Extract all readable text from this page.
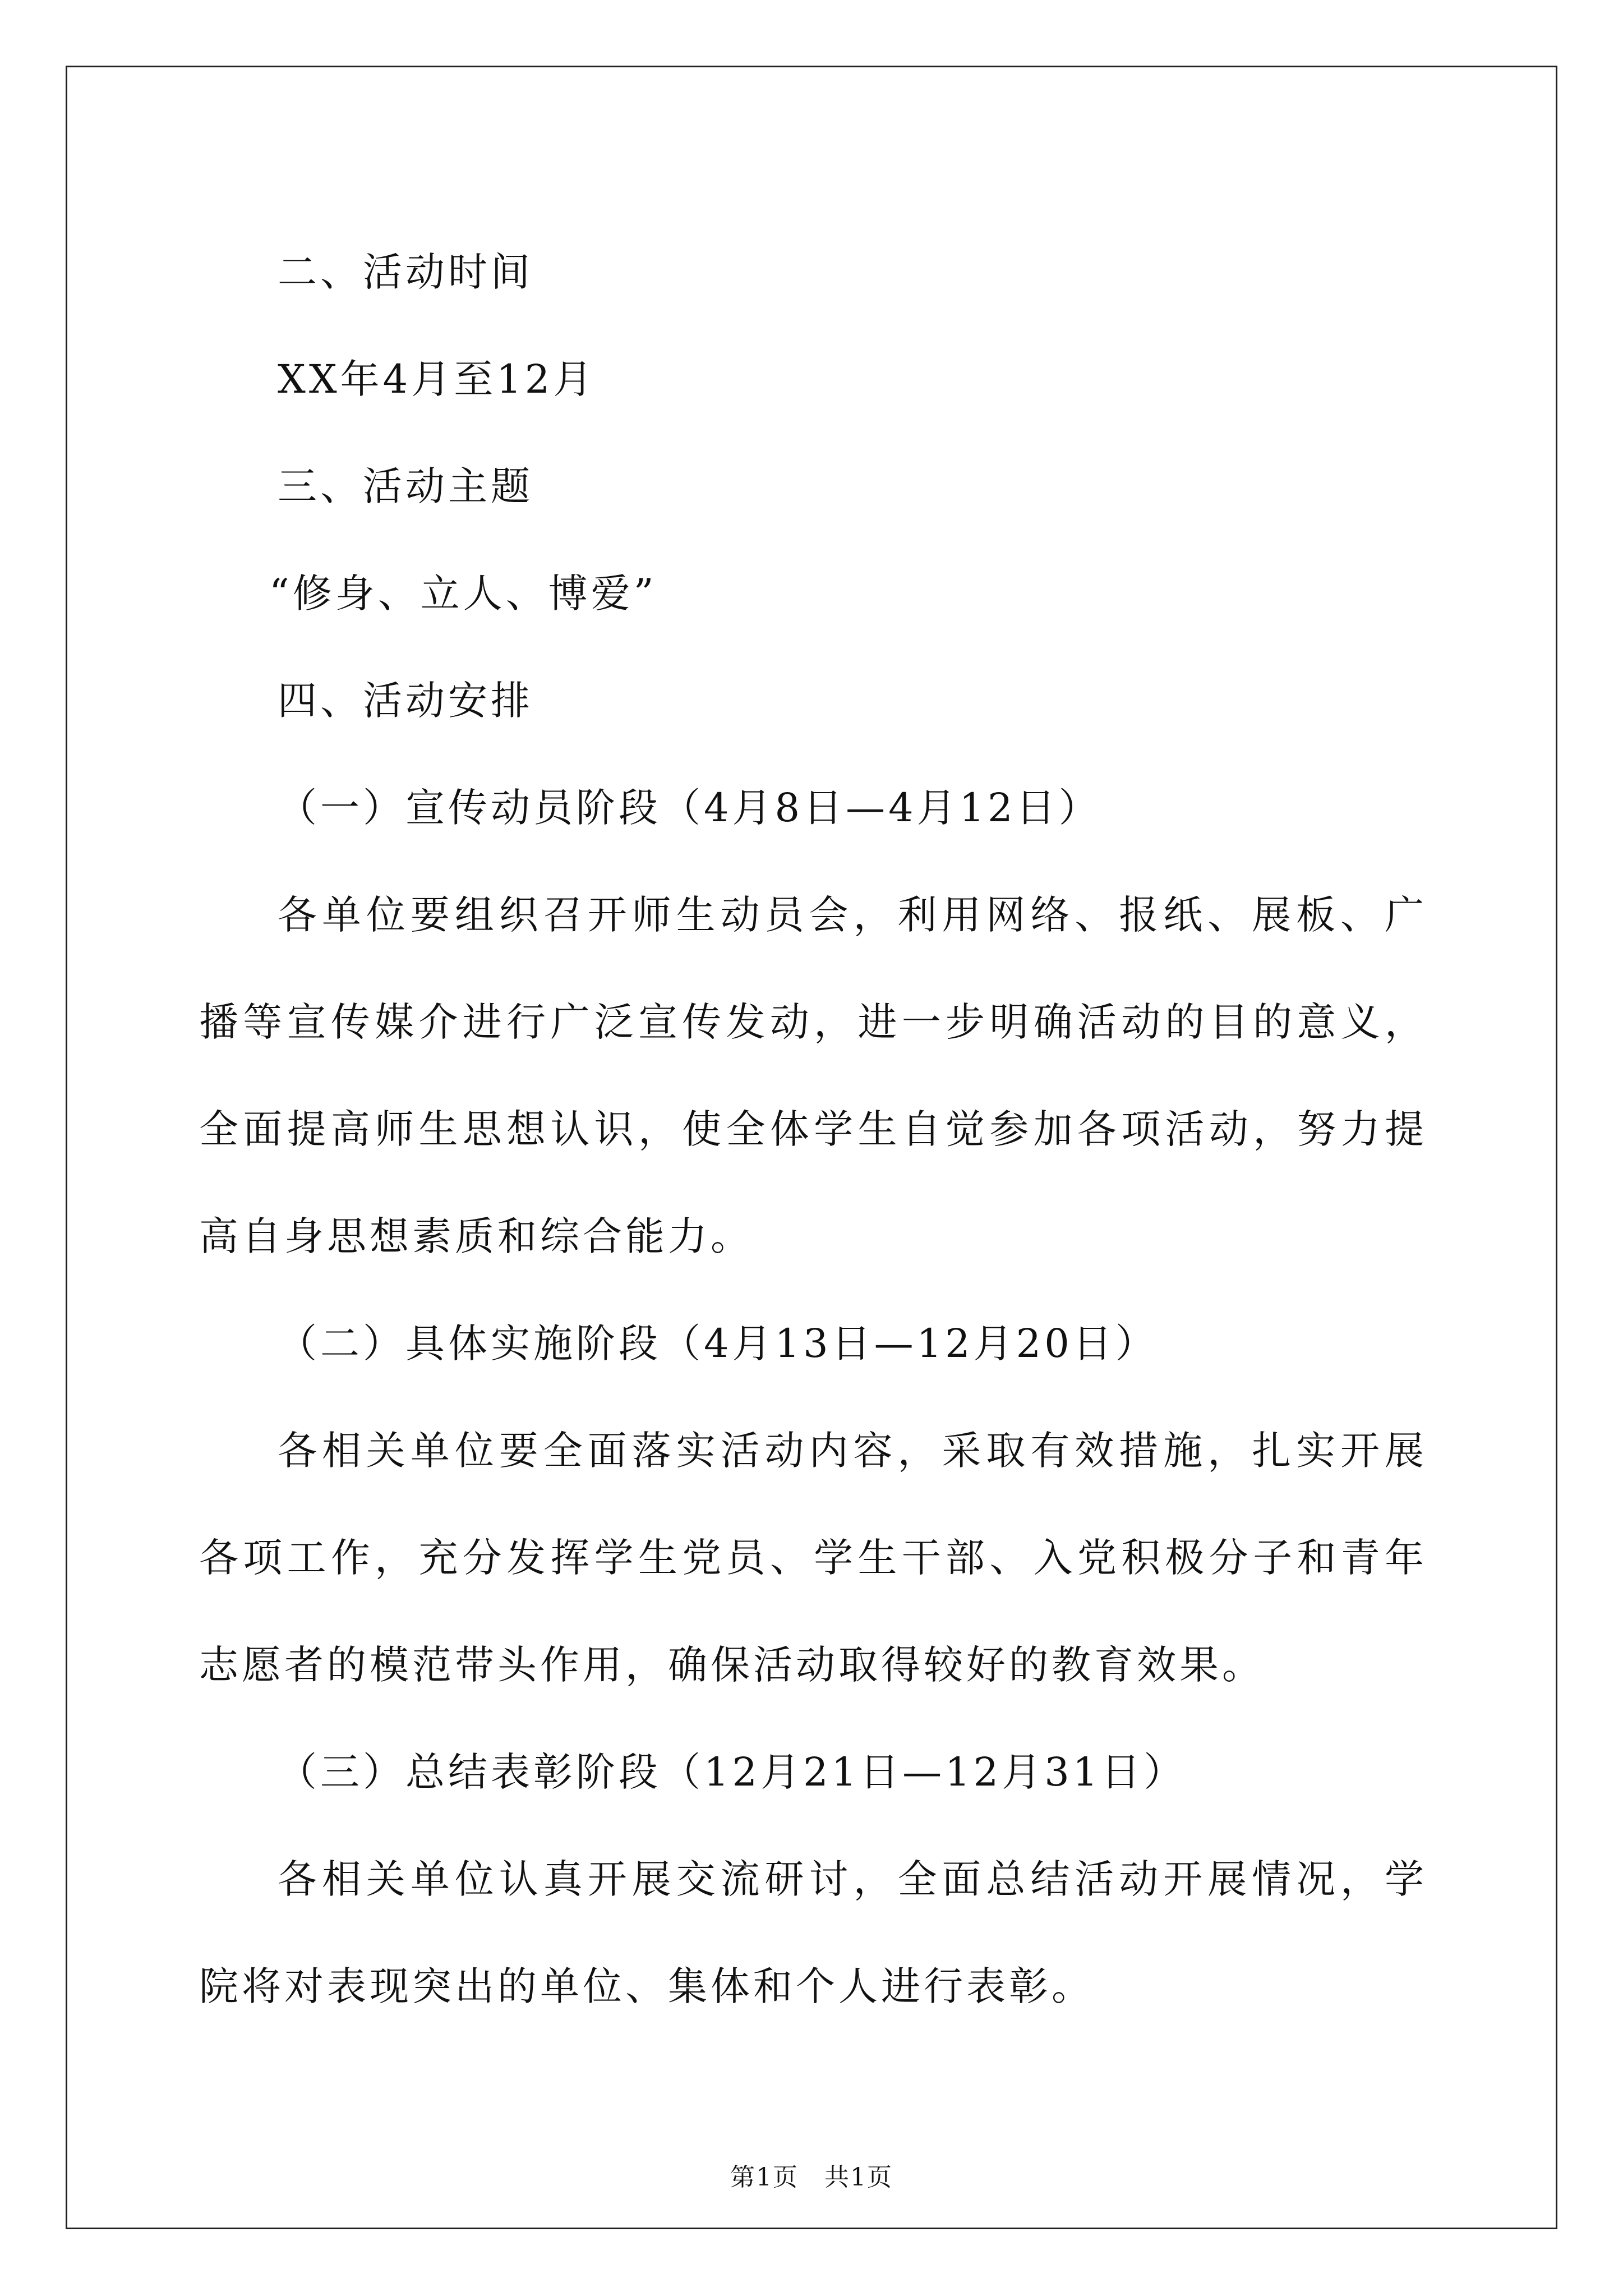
二、活动时间

XX年4月至12月

三、活动主题

“修身、立人、博爱”

四、活动安排

（一）宣传动员阶段（4月8日—4月12日）

各单位要组织召开师生动员会，利用网络、报纸、展板、广播等宣传媒介进行广泛宣传发动，进一步明确活动的目的意义，全面提高师生思想认识，使全体学生自觉参加各项活动，努力提高自身思想素质和综合能力。

（二）具体实施阶段（4月13日—12月20日）

各相关单位要全面落实活动内容，采取有效措施，扎实开展各项工作，充分发挥学生党员、学生干部、入党积极分子和青年志愿者的模范带头作用，确保活动取得较好的教育效果。

（三）总结表彰阶段（12月21日—12月31日）

各相关单位认真开展交流研讨，全面总结活动开展情况，学院将对表现突出的单位、集体和个人进行表彰。

第1页　共1页
